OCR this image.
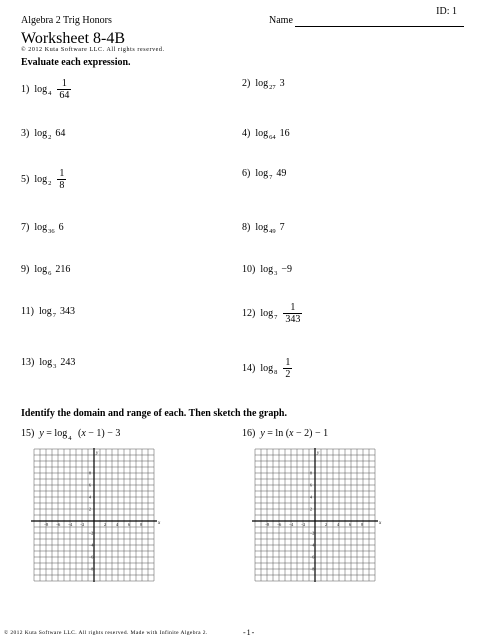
ID: 1
Algebra 2 Trig Honors	Name
Worksheet 8-4B
© 2012 Kuta Software LLC. All rights reserved.
Evaluate each expression.
1) $\log 4 \frac{1}{64}$	2) log 27 3
3) log 2 64	4) log 64 16
5) $\log 2 \frac{1}{8}$	6) log 7 49
7) log 36 6	8) log 49 7
9) log 6 216	10) log 3 −9
11) log 7 343	12) $\log 7 \frac{1}{343}$
13) log 3 243
14) $\log 8 \frac{1}{2}$
Identify the domain and range of each. Then sketch the graph.
15) $y = \log_4 (x - 1) - 3$	16) y = ln (x − 2) − 1
x
y
−8 −6 −4 −2	2	4	6	8
8
6
4
2
−2
−4
−6
−8
x
y
−8 −6 −4 −2	2	4	6	8
8
6
4
2
−2
−4
−6
−8
© 2012 Kuta Software LLC. All rights reserved. Made with Infinite Algebra 2.	-1-
